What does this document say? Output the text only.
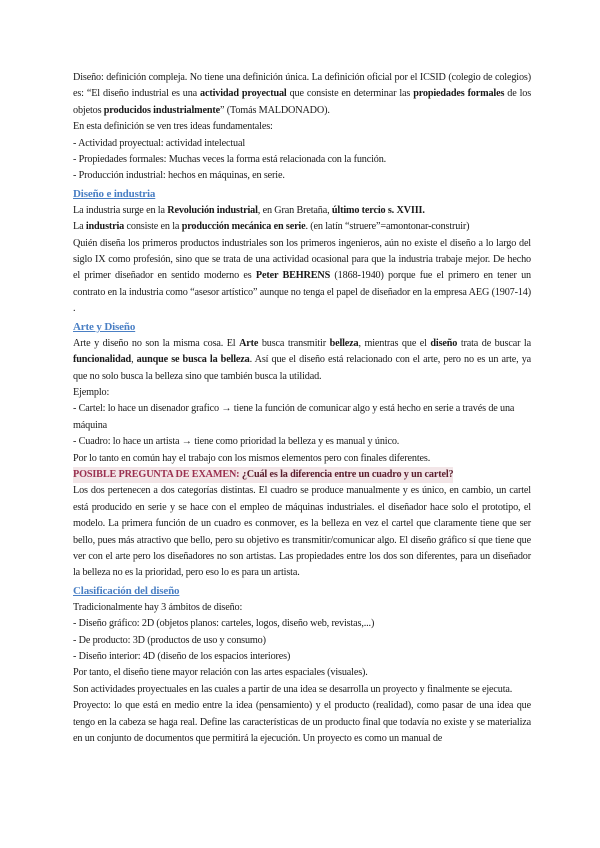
Diseño: definición compleja. No tiene una definición única. La definición oficial por el ICSID (colegio de colegios) es: “El diseño industrial es una actividad proyectual que consiste en determinar las propiedades formales de los objetos producidos industrialmente” (Tomás MALDONADO).

En esta definición se ven tres ideas fundamentales:

- Actividad proyectual: actividad intelectual

- Propiedades formales: Muchas veces la forma está relacionada con la función.

- Producción industrial: hechos en máquinas, en serie.

Diseño e industria

La industria surge en la Revolución industrial, en Gran Bretaña, último tercio s. XVIII.

La industria consiste en la producción mecánica en serie. (en latín “struere”=amontonar-construir)

Quién diseña los primeros productos industriales son los primeros ingenieros, aún no existe el diseño a lo largo del siglo IX como profesión, sino que se trata de una actividad ocasional para que la industria trabaje mejor. De hecho el primer diseñador en sentido moderno es Peter BEHRENS (1868-1940) porque fue el primero en tener un contrato en la industria como “asesor artístico” aunque no tenga el papel de diseñador en la empresa AEG (1907-14) .

Arte y Diseño

Arte y diseño no son la misma cosa. El Arte busca transmitir belleza, mientras que el diseño trata de buscar la funcionalidad, aunque se busca la belleza. Así que el diseño está relacionado con el arte, pero no es un arte, ya que no solo busca la belleza sino que también busca la utilidad.

Ejemplo:

- Cartel: lo hace un disenador grafico → tiene la función de comunicar algo y está hecho en serie a través de una máquina

- Cuadro: lo hace un artista → tiene como prioridad la belleza y es manual y único.

Por lo tanto en común hay el trabajo con los mismos elementos pero con finales diferentes.

POSIBLE PREGUNTA DE EXAMEN: ¿Cuál es la diferencia entre un cuadro y un cartel?

Los dos pertenecen a dos categorías distintas. El cuadro se produce manualmente y es único, en cambio, un cartel está producido en serie y se hace con el empleo de máquinas industriales. el diseñador hace solo el prototipo, el modelo. La primera función de un cuadro es conmover, es la belleza en vez el cartel que claramente tiene que ser bello, pues más atractivo que bello, pero su objetivo es transmitir/comunicar algo. El diseño gráfico sí que tiene que ver con el arte pero los diseñadores no son artistas. Las propiedades entre los dos son diferentes, para un diseñador la belleza no es la prioridad, pero eso lo es para un artista.

Clasificación del diseño

Tradicionalmente hay 3 ámbitos de diseño:

- Diseño gráfico: 2D (objetos planos: carteles, logos, diseño web, revistas,...)

- De producto: 3D (productos de uso y consumo)

- Diseño interior: 4D (diseño de los espacios interiores)

Por tanto, el diseño tiene mayor relación con las artes espaciales (visuales).

Son actividades proyectuales en las cuales a partir de una idea se desarrolla un proyecto y finalmente se ejecuta.

Proyecto: lo que está en medio entre la idea (pensamiento) y el producto (realidad), como pasar de una idea que tengo en la cabeza se haga real. Define las características de un producto final que todavía no existe y se materializa en un conjunto de documentos que permitirá la ejecución. Un proyecto es como un manual de
